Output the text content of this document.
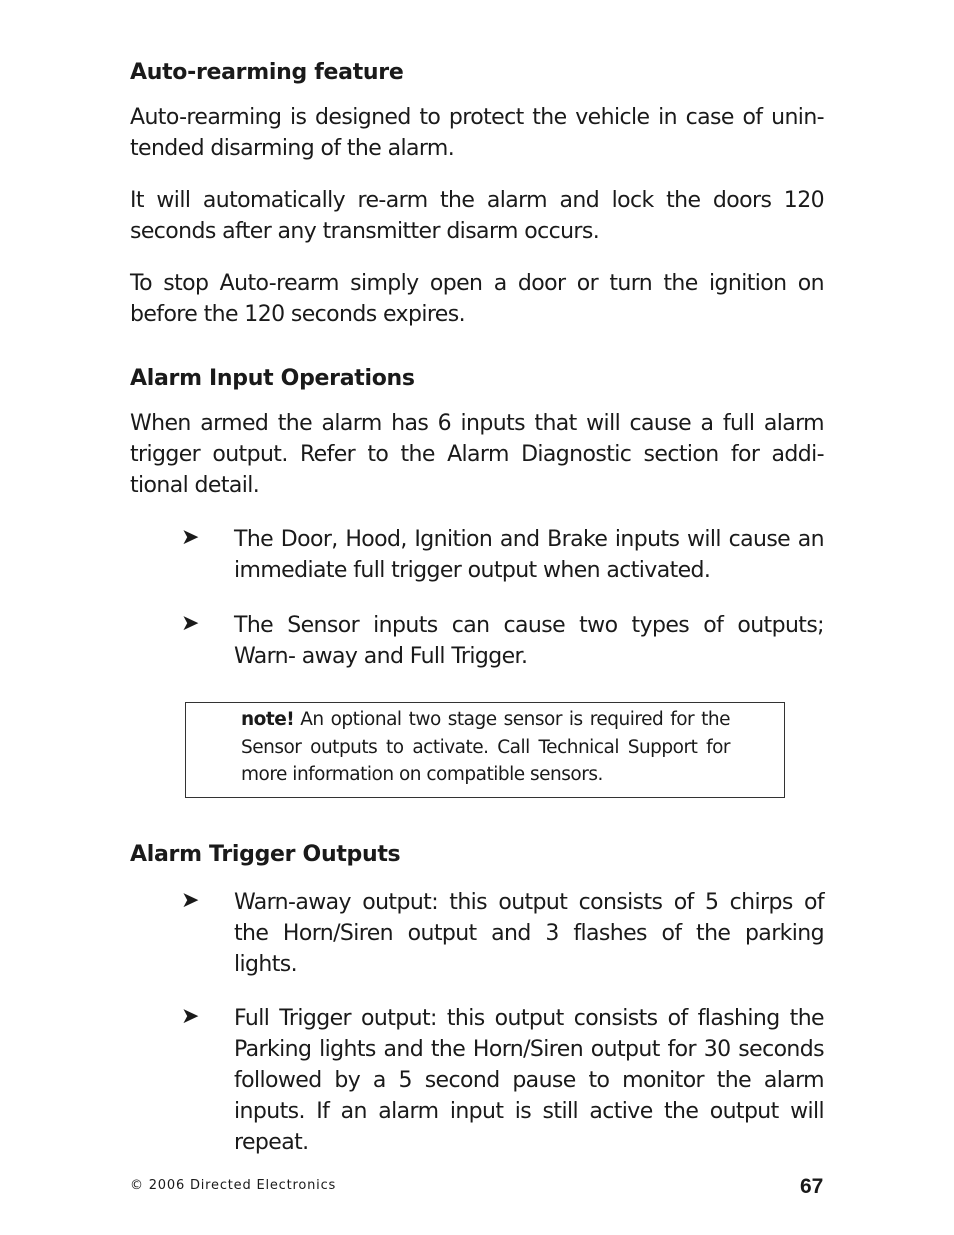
Auto-rearming feature

Auto-rearming is designed to protect the vehicle in case of unin- tended disarming of the alarm.

It will automatically re-arm the alarm and lock the doors 120 seconds after any transmitter disarm occurs.

To stop Auto-rearm simply open a door or turn the ignition on before the 120 seconds expires.

Alarm Input Operations

When armed the alarm has 6 inputs that will cause a full alarm trigger output. Refer to the Alarm Diagnostic section for addi- tional detail.

➤ The Door, Hood, Ignition and Brake inputs will cause an immediate full trigger output when activated.

➤ The Sensor inputs can cause two types of outputs; Warn- away and Full Trigger.

note! An optional two stage sensor is required for the Sensor outputs to activate. Call Technical Support for more information on compatible sensors.

Alarm Trigger Outputs
➤ Warn-away output: this output consists of 5 chirps of the Horn/Siren output and 3 flashes of the parking lights.

➤ Full Trigger output: this output consists of flashing the Parking lights and the Horn/Siren output for 30 seconds followed by a 5 second pause to monitor the alarm inputs. If an alarm input is still active the output will repeat.

© 2006 Directed Electronics	67
